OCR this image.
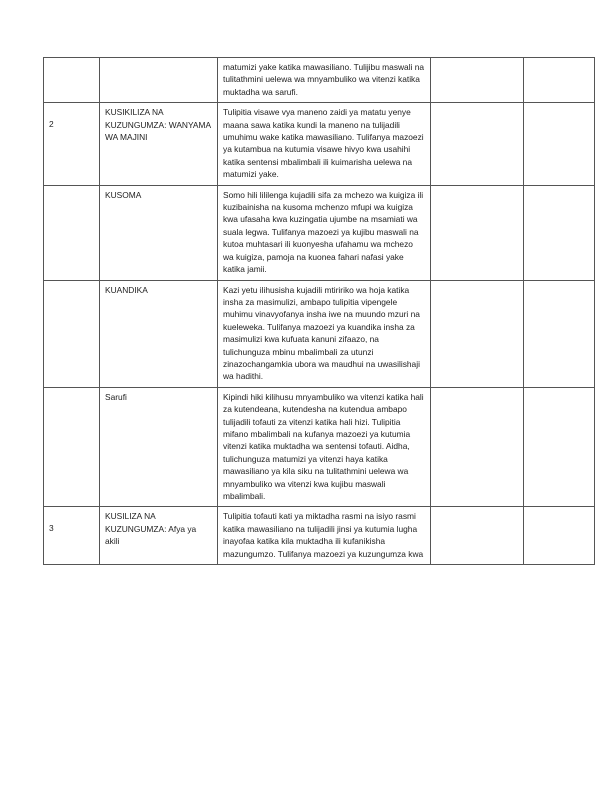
		matumizi yake katika mawasiliano. Tulijibu maswali na tulitathmini uelewa wa mnyambuliko wa vitenzi katika muktadha wa sarufi.		
2	KUSIKILIZA NA KUZUNGUMZA: WANYAMA WA MAJINI	Tulipitia visawe vya maneno zaidi ya matatu yenye maana sawa katika kundi la maneno na tulijadili umuhimu wake katika mawasiliano. Tulifanya mazoezi ya kutambua na kutumia visawe hivyo kwa usahihi katika sentensi mbalimbali ili kuimarisha uelewa na matumizi yake.		
	KUSOMA	Somo hili lililenga kujadili sifa za mchezo wa kuigiza ili kuzibainisha na kusoma mchenzo mfupi wa kuigiza kwa ufasaha kwa kuzingatia ujumbe na msamiati wa suala legwa. Tulifanya mazoezi ya kujibu maswali na kutoa muhtasari ili kuonyesha ufahamu wa mchezo wa kuigiza, pamoja na kuonea fahari nafasi yake katika jamii.		
	KUANDIKA	Kazi yetu ilihusisha kujadili mtiririko wa hoja katika insha za masimulizi, ambapo tulipitia vipengele muhimu vinavyofanya insha iwe na muundo mzuri na kueleweka. Tulifanya mazoezi ya kuandika insha za masimulizi kwa kufuata kanuni zifaazo, na tulichunguza mbinu mbalimbali za utunzi zinazochangamkia ubora wa maudhui na uwasilishaji wa hadithi.		
	Sarufi	Kipindi hiki kilihusu mnyambuliko wa vitenzi katika hali za kutendeana, kutendesha na kutendua ambapo tulijadili tofauti za vitenzi katika hali hizi. Tulipitia mifano mbalimbali na kufanya mazoezi ya kutumia vitenzi katika muktadha wa sentensi tofauti. Aidha, tulichunguza matumizi ya vitenzi haya katika mawasiliano ya kila siku na tulitathmini uelewa wa mnyambuliko wa vitenzi kwa kujibu maswali mbalimbali.		
3	KUSILIZA NA KUZUNGUMZA: Afya ya akili	Tulipitia tofauti kati ya miktadha rasmi na isiyo rasmi katika mawasiliano na tulijadili jinsi ya kutumia lugha inayofaa katika kila muktadha ili kufanikisha mazungumzo. Tulifanya mazoezi ya kuzungumza kwa		
